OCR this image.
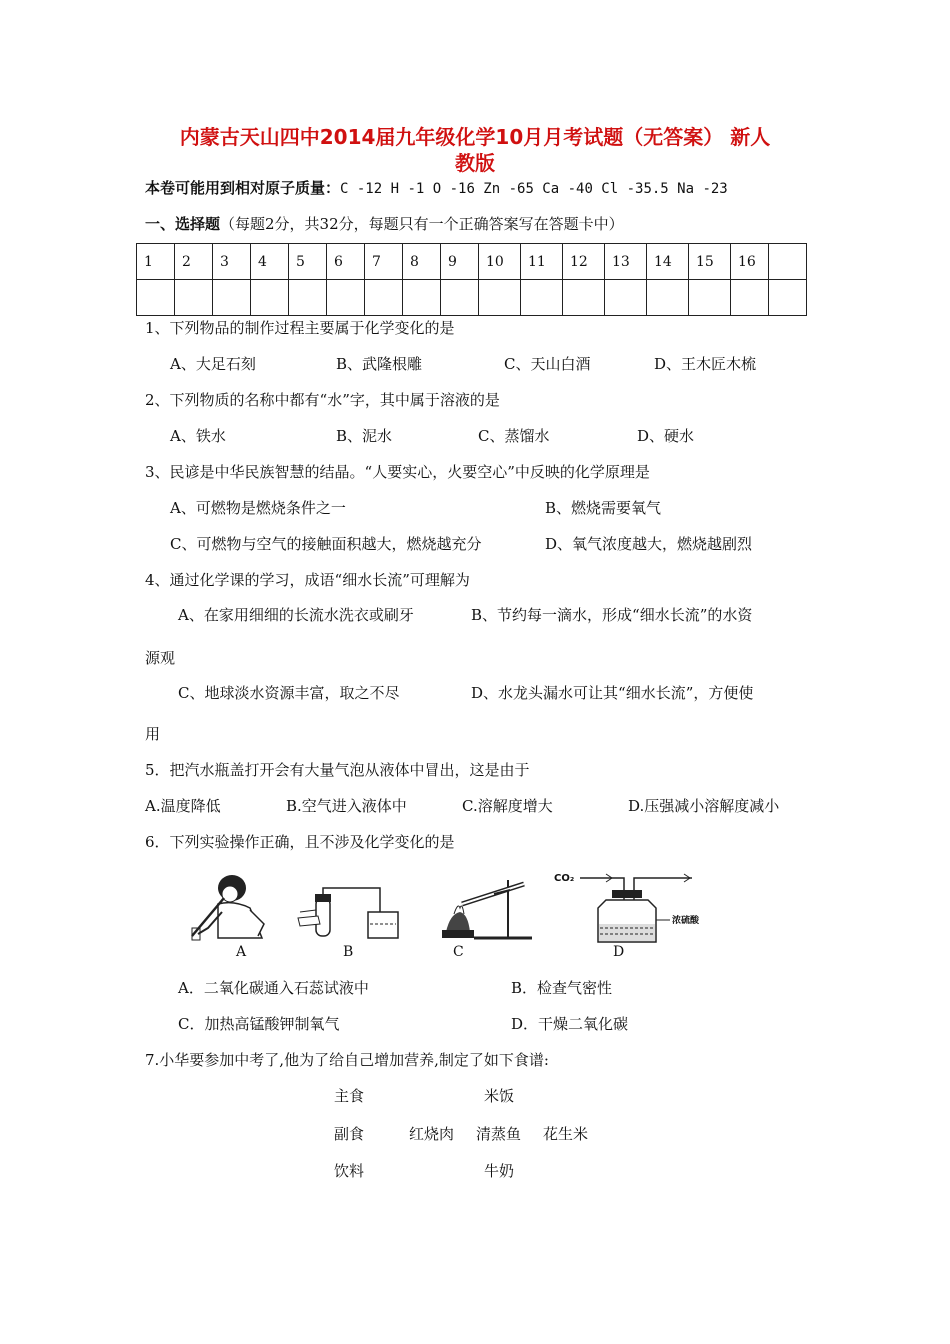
内蒙古天山四中2014届九年级化学10月月考试题（无答案） 新人
教版
本卷可能用到相对原子质量：C -12 H -1 O -16 Zn -65 Ca -40 Cl -35.5 Na -23
一、选择题（每题2分，共32分，每题只有一个正确答案写在答题卡中）
1	2	3	4	5	6	7	8	9	10	11	12	13	14	15	16	

1、下列物品的制作过程主要属于化学变化的是
A、大足石刻	B、武隆根雕	C、天山白酒	D、王木匠木梳
2、下列物质的名称中都有“水”字，其中属于溶液的是
A、铁水	B、泥水	C、蒸馏水	D、硬水
3、民谚是中华民族智慧的结晶。“人要实心，火要空心”中反映的化学原理是
A、可燃物是燃烧条件之一	B、燃烧需要氧气
C、可燃物与空气的接触面积越大，燃烧越充分	D、氧气浓度越大，燃烧越剧烈
4、通过化学课的学习，成语“细水长流”可理解为
A、在家用细细的长流水洗衣或刷牙	B、节约每一滴水，形成“细水长流”的水资
源观
C、地球淡水资源丰富，取之不尽	D、水龙头漏水可让其“细水长流”，方便使
用
5．把汽水瓶盖打开会有大量气泡从液体中冒出，这是由于
A.温度降低	B.空气进入液体中	C.溶解度增大	D.压强减小溶解度减小
6．下列实验操作正确，且不涉及化学变化的是
A	B	C
CO₂
浓硫酸
D
A．二氧化碳通入石蕊试液中	B．检查气密性
C．加热高锰酸钾制氧气	D．干燥二氧化碳
7.小华要参加中考了,他为了给自己增加营养,制定了如下食谱:
主食	米饭
副食	红烧肉 清蒸鱼 花生米
饮料	牛奶
